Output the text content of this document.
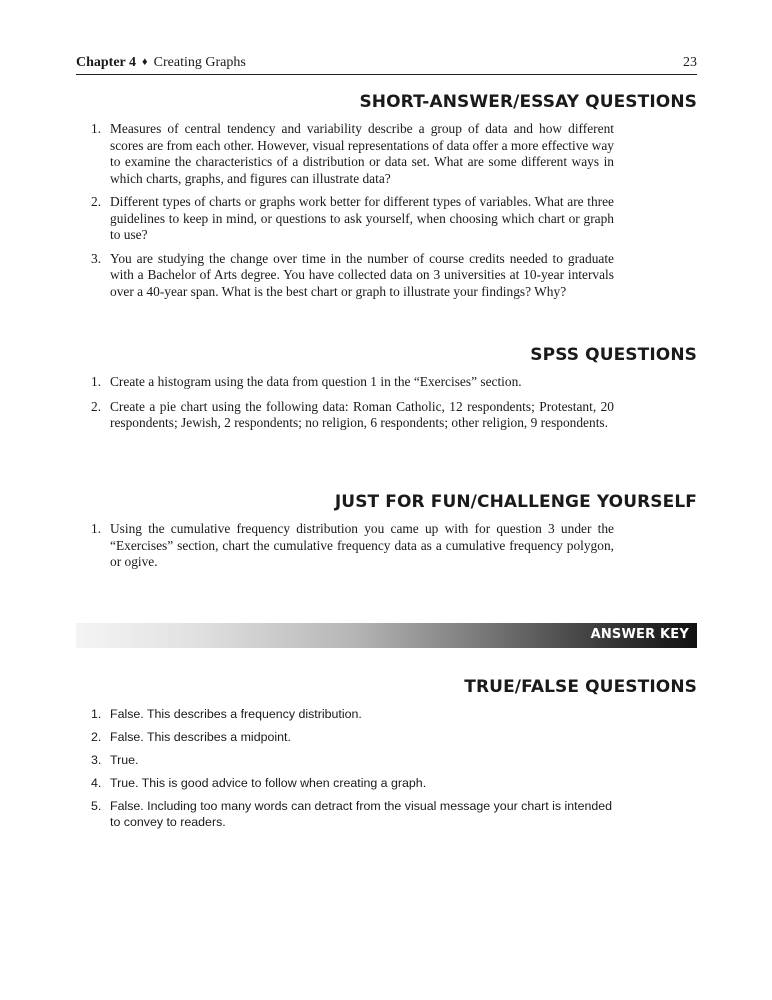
Chapter 4 ♦ Creating Graphs	23
SHORT-ANSWER/ESSAY QUESTIONS
1. Measures of central tendency and variability describe a group of data and how different scores are from each other. However, visual representations of data offer a more effective way to examine the characteristics of a distribution or data set. What are some different ways in which charts, graphs, and figures can illustrate data?
2. Different types of charts or graphs work better for different types of variables. What are three guidelines to keep in mind, or questions to ask yourself, when choosing which chart or graph to use?
3. You are studying the change over time in the number of course credits needed to graduate with a Bachelor of Arts degree. You have collected data on 3 universities at 10-year intervals over a 40-year span. What is the best chart or graph to illustrate your findings? Why?
SPSS QUESTIONS
1. Create a histogram using the data from question 1 in the “Exercises” section.
2. Create a pie chart using the following data: Roman Catholic, 12 respondents; Protestant, 20 respondents; Jewish, 2 respondents; no religion, 6 respondents; other religion, 9 respondents.
JUST FOR FUN/CHALLENGE YOURSELF
1. Using the cumulative frequency distribution you came up with for question 3 under the “Exercises” section, chart the cumulative frequency data as a cumulative frequency polygon, or ogive.
ANSWER KEY
TRUE/FALSE QUESTIONS
1. False. This describes a frequency distribution.
2. False. This describes a midpoint.
3. True.
4. True. This is good advice to follow when creating a graph.
5. False. Including too many words can detract from the visual message your chart is intended to convey to readers.
